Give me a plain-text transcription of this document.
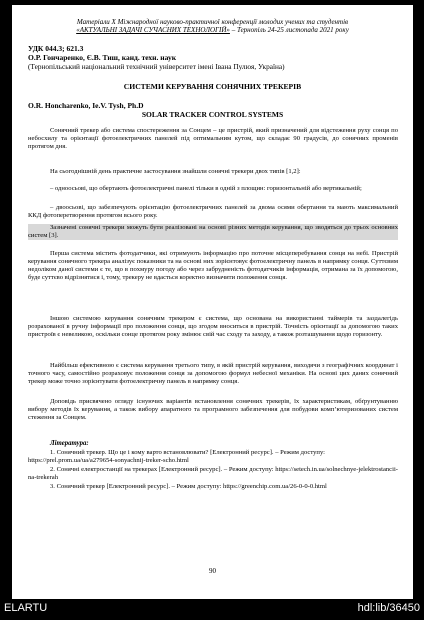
Матеріали Х Міжнародної науково-практичної конференції молодих учених та студентів
«АКТУАЛЬНІ ЗАДАЧІ СУЧАСНИХ ТЕХНОЛОГІЙ» – Тернопіль 24-25 листопада 2021 року
УДК 044.3; 621.3
О.Р. Гончаренко, Є.В. Тиш, канд. техн. наук
(Тернопільський національний технічний університет імені Івана Пулюя, Україна)
СИСТЕМИ КЕРУВАННЯ СОНЯЧНИХ ТРЕКЕРІВ
O.R. Honcharenko, Ie.V. Tysh, Ph.D
SOLAR TRACKER CONTROL SYSTEMS
Сонячний трекер або система спостереження за Сонцем – це пристрій, який призначений для відстеження руху сонця по небосхилу та орієнтації фотоелектричних панелей під оптимальним кутом, що складає 90 градусів, до сонячних променів протягом дня.
На сьогоднішній день практичне застосування знайшли сонячні трекери двох типів [1,2]:
– одноосьові, що обертають фотоелектричні панелі тільки в одній з площин: горизонтальній або вертикальній;
– двоосьові, що забезпечують орієнтацію фотоелектричних панелей за двома осями обертання та мають максимальний ККД фотоперетворення протягом всього року.
Зазначені сонячні трекери можуть бути реалізовані на основі різних методів керування, що зводяться до трьох основних систем [3].
Перша система містить фотодатчики, які отримують інформацію про поточне місцеперебування сонця на небі. Пристрій керування сонячного трекера аналізує показники та на основі них зорієнтовує фотоелектричну панель в напрямку сонця. Суттєвим недоліком даної системи є те, що в похмуру погоду або через забрудненість фотодатчиків інформація, отримана за їх допомогою, буде суттєво відрізнятися і, тому, трекеру не вдасться коректно визначити положення сонця.
Іншою системою керування сонячним трекером є система, що основана на використанні таймерів та заздалегідь розрахованої в ручну інформації про положення сонця, що згодом вноситься в пристрій. Точність орієнтації за допомогою таких пристроїв є невеликою, оскільки сонце протягом року змінює свій час сходу та заходу, а також розташування щодо горизонту.
Найбільш ефективною є система керування третього типу, в якій пристрій керування, виходячи з географічних координат і точного часу, самостійно розраховує положення сонця за допомогою формул небесної механіки. На основі цих даних сонячний трекер може точно зорієнтувати фотоелектричну панель в напрямку сонця.
Доповідь присвячено огляду існуючих варіантів встановлення сонячних трекерів, їх характеристикам, обґрунтуванню вибору методів їх керування, а також вибору апаратного та програмного забезпечення для побудови комп’ютеризованих систем стеження за Сонцем.
Література:
1. Сонячний трекер. Що це і кому варто встановлювати? [Електронний ресурс]. – Режим доступу: https://prel.prom.ua/ua/a279654-sonyachnij-treker-scho.html
2. Сонячні електростанції на трекерах [Електронний ресурс]. – Режим доступу: https://setech.in.ua/solnechnye-jelektrostancii-na-trekerah
3. Сонячний трекер [Електронний ресурс]. – Режим доступу: https://greenchip.com.ua/26-0-0-0.html
90
ELARTU	hdl:lib/36450
